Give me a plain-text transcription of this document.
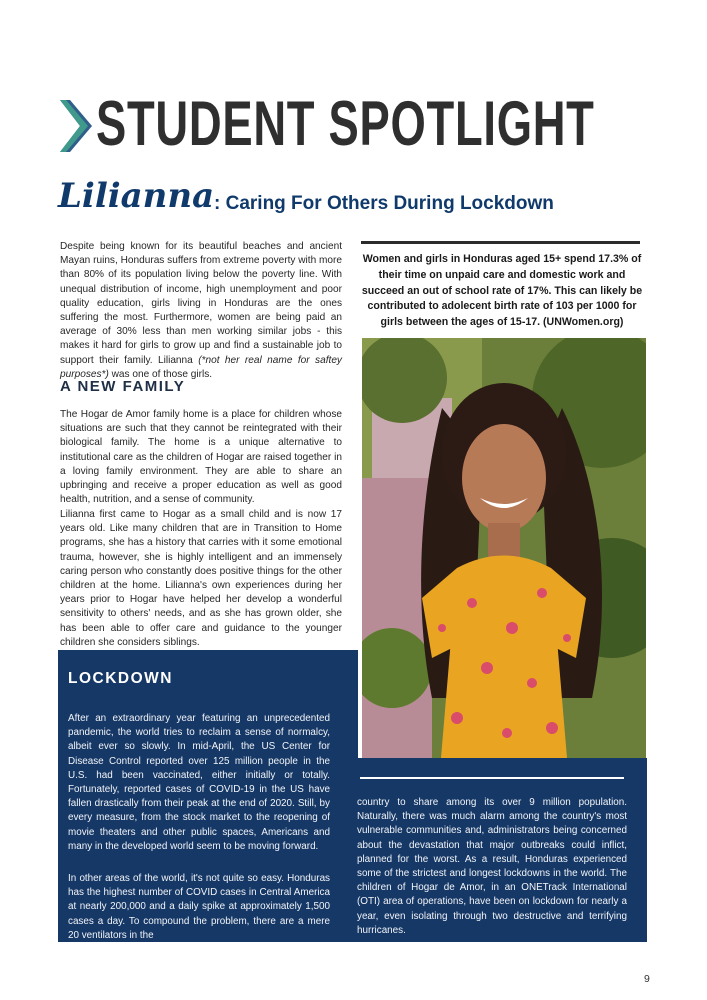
STUDENT SPOTLIGHT
Lilianna : Caring For Others During Lockdown
Despite being known for its beautiful beaches and ancient Mayan ruins, Honduras suffers from extreme poverty with more than 80% of its population living below the poverty line. With unequal distribution of income, high unemployment and poor quality education, girls living in Honduras are the ones suffering the most. Furthermore, women are being paid an average of 30% less than men working similar jobs - this makes it hard for girls to grow up and find a sustainable job to support their family. Lilianna (*not her real name for saftey purposes*) was one of those girls.
A NEW FAMILY
The Hogar de Amor family home is a place for children whose situations are such that they cannot be reintegrated with their biological family. The home is a unique alternative to institutional care as the children of Hogar are raised together in a loving family environment. They are able to share an upbringing and receive a proper education as well as good health, nutrition, and a sense of community.
Lilianna first came to Hogar as a small child and is now 17 years old. Like many children that are in Transition to Home programs, she has a history that carries with it some emotional trauma, however, she is highly intelligent and an immensely caring person who constantly does positive things for the other children at the home. Lilianna's own experiences during her years prior to Hogar have helped her develop a wonderful sensitivity to others' needs, and as she has grown older, she has been able to offer care and guidance to the younger children she considers siblings.
Women and girls in Honduras aged 15+ spend 17.3% of their time on unpaid care and domestic work and succeed an out of school rate of 17%. This can likely be contributed to adolecent birth rate of 103 per 1000 for girls between the ages of 15-17. (UNWomen.org)
LOCKDOWN
After an extraordinary year featuring an unprecedented pandemic, the world tries to reclaim a sense of normalcy, albeit ever so slowly. In mid-April, the US Center for Disease Control reported over 125 million people in the U.S. had been vaccinated, either initially or totally. Fortunately, reported cases of COVID-19 in the US have fallen drastically from their peak at the end of 2020. Still, by every measure, from the stock market to the reopening of movie theaters and other public spaces, Americans and many in the developed world seem to be moving forward.
In other areas of the world, it's not quite so easy. Honduras has the highest number of COVID cases in Central America at nearly 200,000 and a daily spike at approximately 1,500 cases a day. To compound the problem, there are a mere 20 ventilators in the
country to share among its over 9 million population. Naturally, there was much alarm among the country's most vulnerable communities and, administrators being concerned about the devastation that major outbreaks could inflict, planned for the worst. As a result, Honduras experienced some of the strictest and longest lockdowns in the world. The children of Hogar de Amor, in an ONETrack International (OTI) area of operations, have been on lockdown for nearly a year, even isolating through two destructive and terrifying hurricanes.
9
